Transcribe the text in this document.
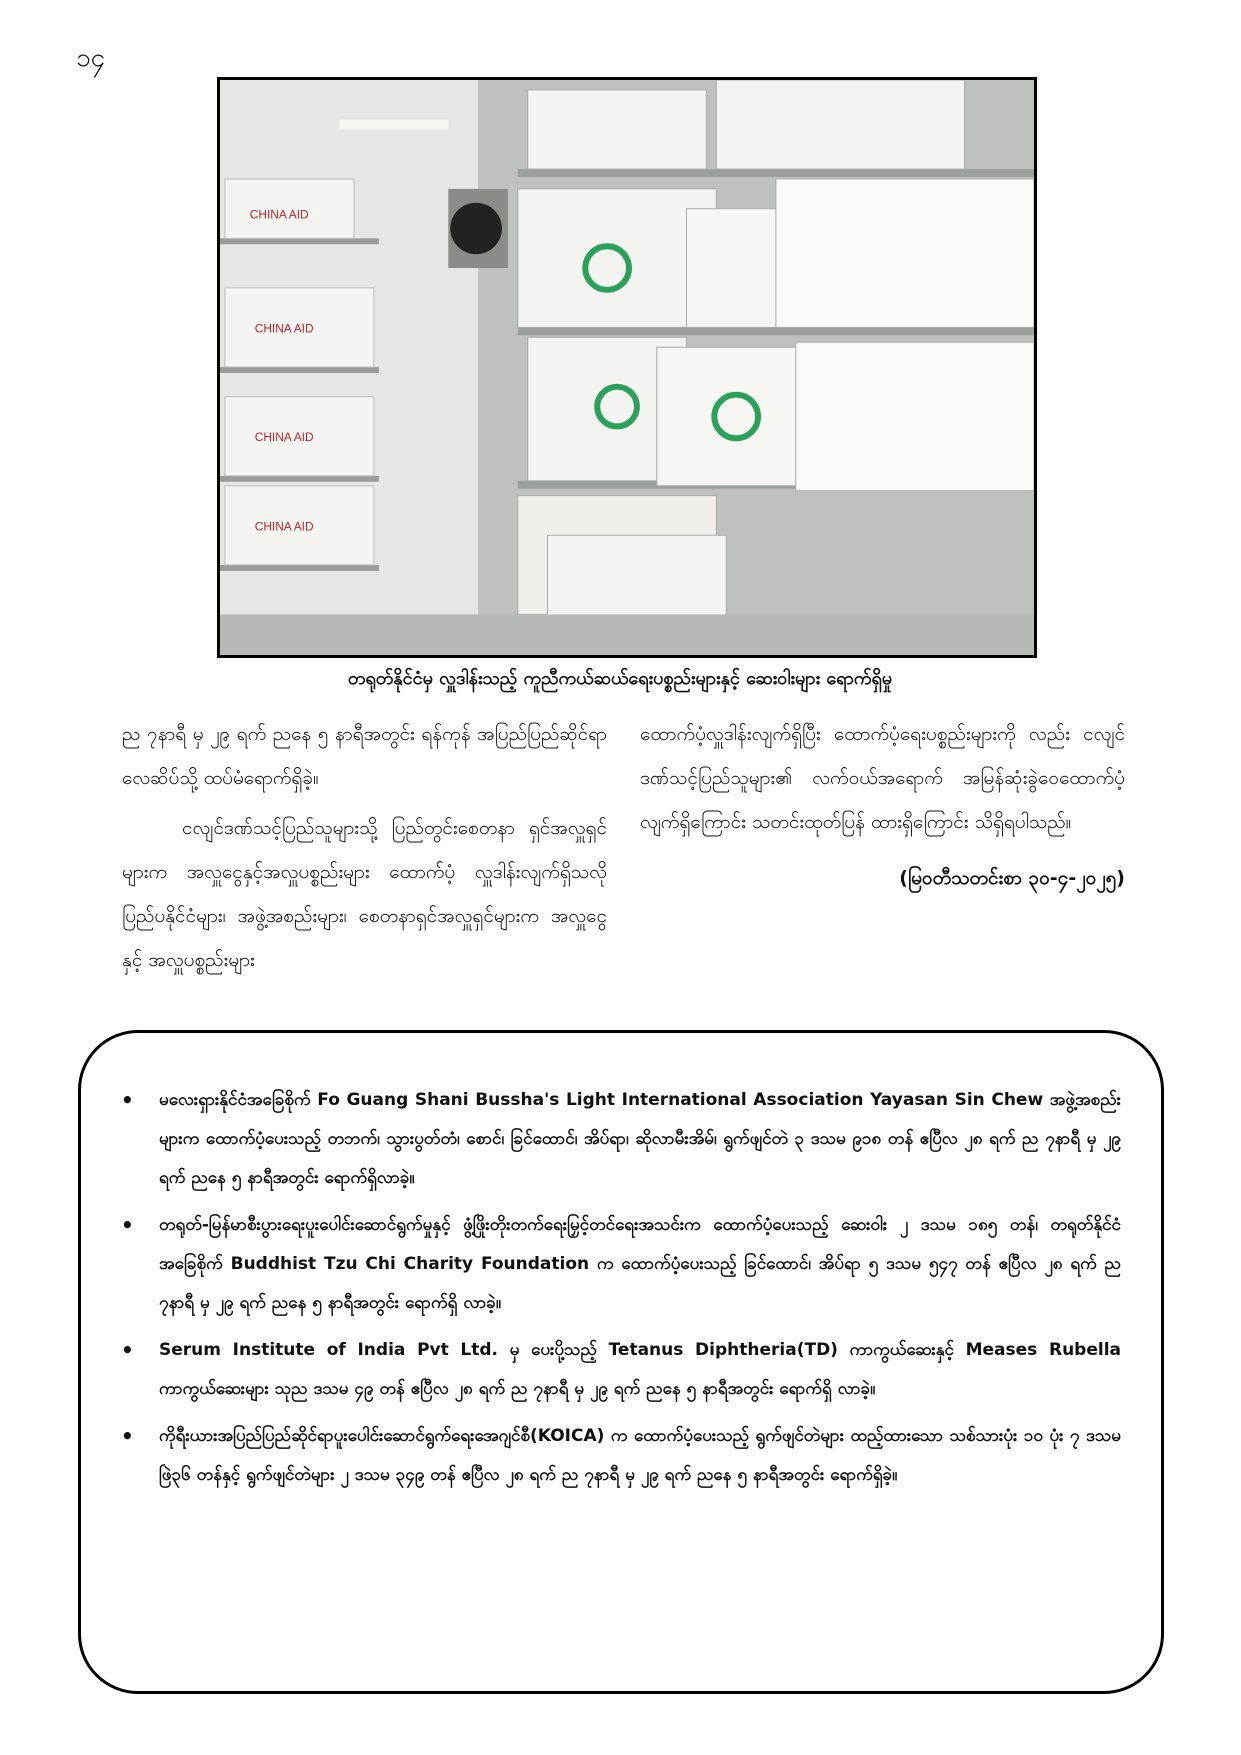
၁၄
CHINA AID
CHINA AID
CHINA AID
CHINA AID
တရုတ်နိုင်ငံမှ လှူဒါန်းသည့် ကူညီကယ်ဆယ်ရေးပစ္စည်းများနှင့် ဆေးဝါးများ ရောက်ရှိမှု

ည ၇နာရီ မှ ၂၉ ရက် ညနေ ၅ နာရီအတွင်း ရန်ကုန် အပြည်ပြည်ဆိုင်ရာလေဆိပ်သို့ ထပ်မံရောက်ရှိခဲ့။

ငလျင်ဒဏ်သင့်ပြည်သူများသို့ ပြည်တွင်းစေတနာ ရှင်အလှူရှင်များက အလှူငွေနှင့်အလှူပစ္စည်းများ ထောက်ပံ့ လှူဒါန်းလျက်ရှိသလို ပြည်ပနိုင်ငံများ၊ အဖွဲ့အစည်းများ၊ စေတနာရှင်အလှူရှင်များက အလှူငွေနှင့် အလှူပစ္စည်းများ

ထောက်ပံ့လှူဒါန်းလျက်ရှိပြီး ထောက်ပံ့ရေးပစ္စည်းများကို လည်း ငလျင်ဒဏ်သင့်ပြည်သူများ၏ လက်ဝယ်အရောက် အမြန်ဆုံးခွဲဝေထောက်ပံ့လျက်ရှိကြောင်း သတင်းထုတ်ပြန် ထားရှိကြောင်း သိရှိရပါသည်။

(မြဝတီသတင်းစာ ၃၀-၄-၂၀၂၅)

• မလေးရှားနိုင်ငံအခြေစိုက် Fo Guang Shani Bussha's Light International Association Yayasan Sin Chew အဖွဲ့အစည်းများက ထောက်ပံ့ပေးသည့် တဘက်၊ သွားပွတ်တံ၊ စောင်၊ ခြင်ထောင်၊ အိပ်ရာ၊ ဆိုလာမီးအိမ်၊ ရွက်ဖျင်တဲ ၃ ဒသမ ၉၁၈ တန် ဧပြီလ ၂၈ ရက် ည ၇နာရီ မှ ၂၉ ရက် ညနေ ၅ နာရီအတွင်း ရောက်ရှိလာခဲ့။
• တရုတ်-မြန်မာစီးပွားရေးပူးပေါင်းဆောင်ရွက်မှုနှင့် ဖွံ့ဖြိုးတိုးတက်ရေးမြှင့်တင်ရေးအသင်းက ထောက်ပံ့ပေးသည့် ဆေးဝါး ၂ ဒသမ ၁၈၅ တန်၊ တရုတ်နိုင်ငံအခြေစိုက် Buddhist Tzu Chi Charity Foundation က ထောက်ပံ့ပေးသည့် ခြင်ထောင်၊ အိပ်ရာ ၅ ဒသမ ၅၄၇ တန် ဧပြီလ ၂၈ ရက် ည ၇နာရီ မှ ၂၉ ရက် ညနေ ၅ နာရီအတွင်း ရောက်ရှိ လာခဲ့။
• Serum Institute of India Pvt Ltd. မှ ပေးပို့သည့် Tetanus Diphtheria(TD) ကာကွယ်ဆေးနှင့် Meases Rubella ကာကွယ်ဆေးများ သုည ဒသမ ၄၉ တန် ဧပြီလ ၂၈ ရက် ည ၇နာရီ မှ ၂၉ ရက် ညနေ ၅ နာရီအတွင်း ရောက်ရှိ လာခဲ့။
• ကိုရီးယားအပြည်ပြည်ဆိုင်ရာပူးပေါင်းဆောင်ရွက်ရေးအေဂျင်စီ(KOICA) က ထောက်ပံ့ပေးသည့် ရွက်ဖျင်တဲများ ထည့်ထားသော သစ်သားပုံး ၁၀ ပုံး ၇ ဒသမ ဖြဲ၃၆ တန်နှင့် ရွက်ဖျင်တဲများ ၂ ဒသမ ၃၄၉ တန် ဧပြီလ ၂၈ ရက် ည ၇နာရီ မှ ၂၉ ရက် ညနေ ၅ နာရီအတွင်း ရောက်ရှိခဲ့။
